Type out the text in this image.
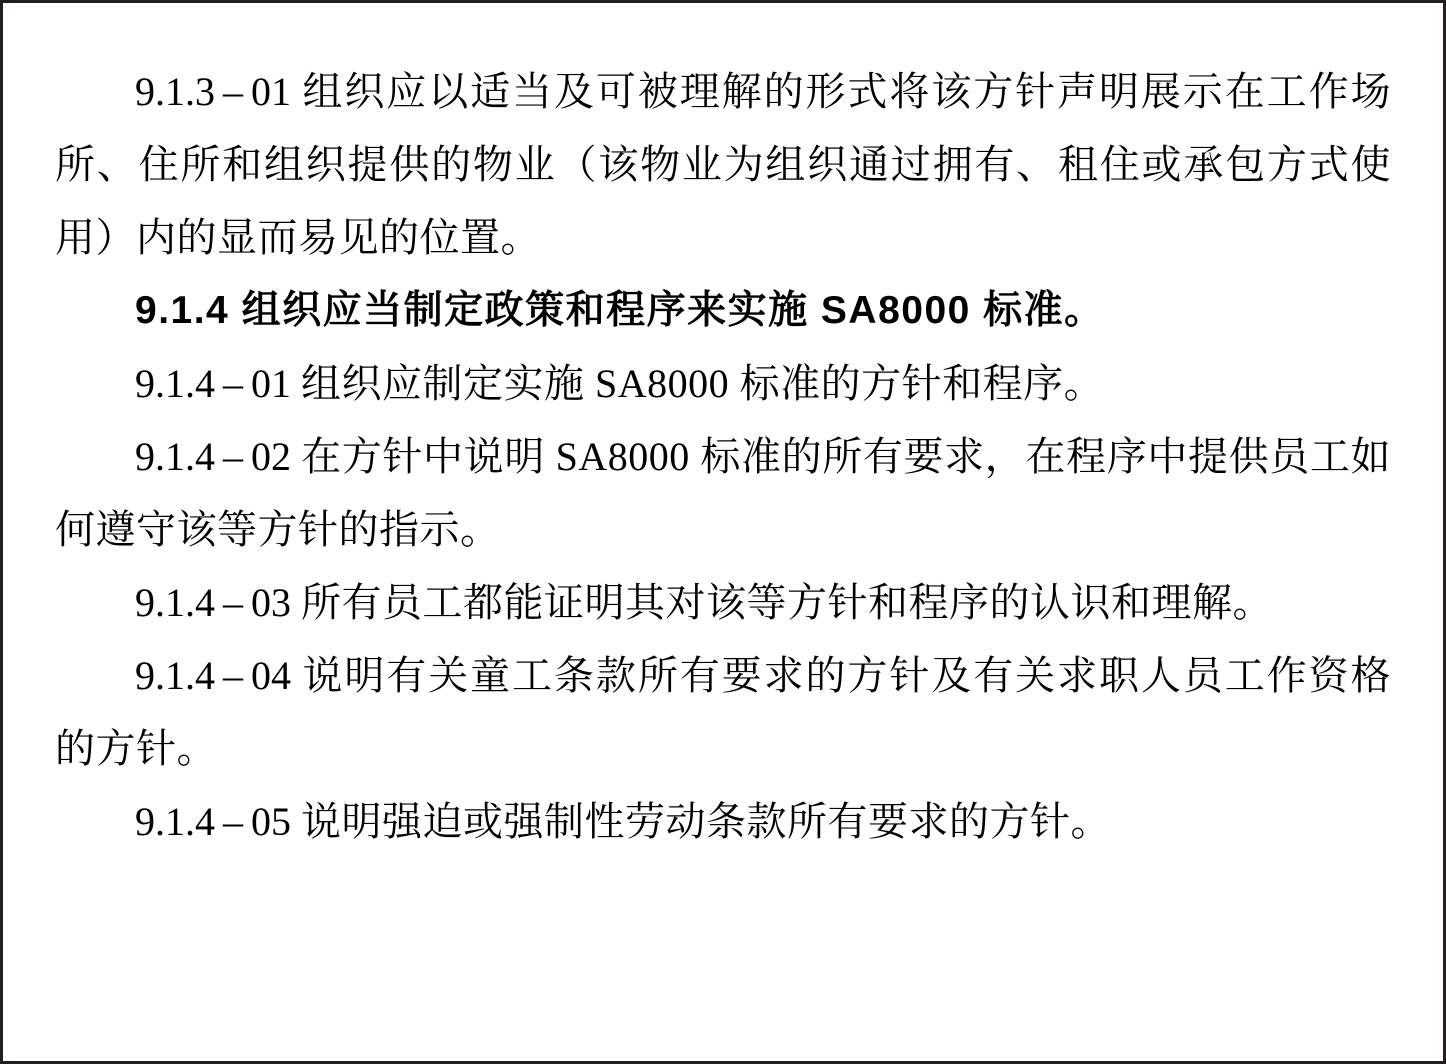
9.1.3 – 01 组织应以适当及可被理解的形式将该方针声明展示在工作场所、住所和组织提供的物业（该物业为组织通过拥有、租住或承包方式使用）内的显而易见的位置。

9.1.4 组织应当制定政策和程序来实施 SA8000 标准。

9.1.4 – 01 组织应制定实施 SA8000 标准的方针和程序。

9.1.4 – 02 在方针中说明 SA8000 标准的所有要求，在程序中提供员工如何遵守该等方针的指示。

9.1.4 – 03 所有员工都能证明其对该等方针和程序的认识和理解。

9.1.4 – 04 说明有关童工条款所有要求的方针及有关求职人员工作资格的方针。

9.1.4 – 05 说明强迫或强制性劳动条款所有要求的方针。
